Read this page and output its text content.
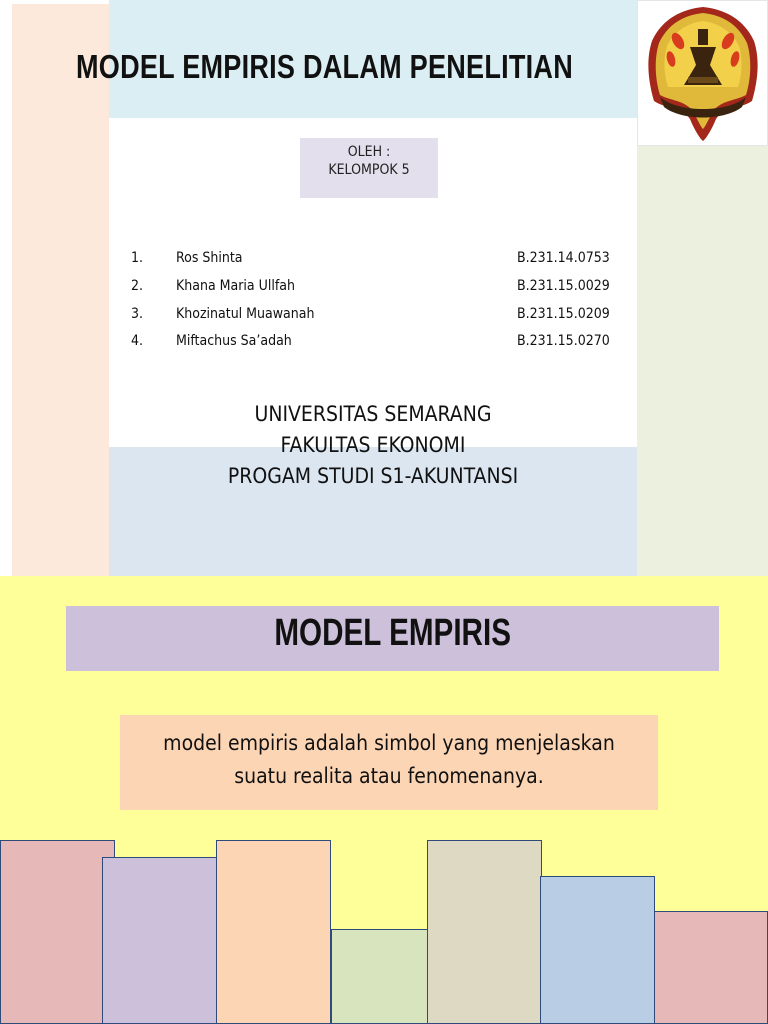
MODEL EMPIRIS DALAM PENELITIAN
OLEH :
KELOMPOK 5
1. Ros Shinta	B.231.14.0753
2. Khana Maria Ullfah	B.231.15.0029
3. Khozinatul Muawanah	B.231.15.0209
4. Miftachus Sa’adah	B.231.15.0270
UNIVERSITAS SEMARANG
FAKULTAS EKONOMI
PROGAM STUDI S1-AKUNTANSI
MODEL EMPIRIS
model empiris adalah simbol yang menjelaskan
suatu realita atau fenomenanya.
